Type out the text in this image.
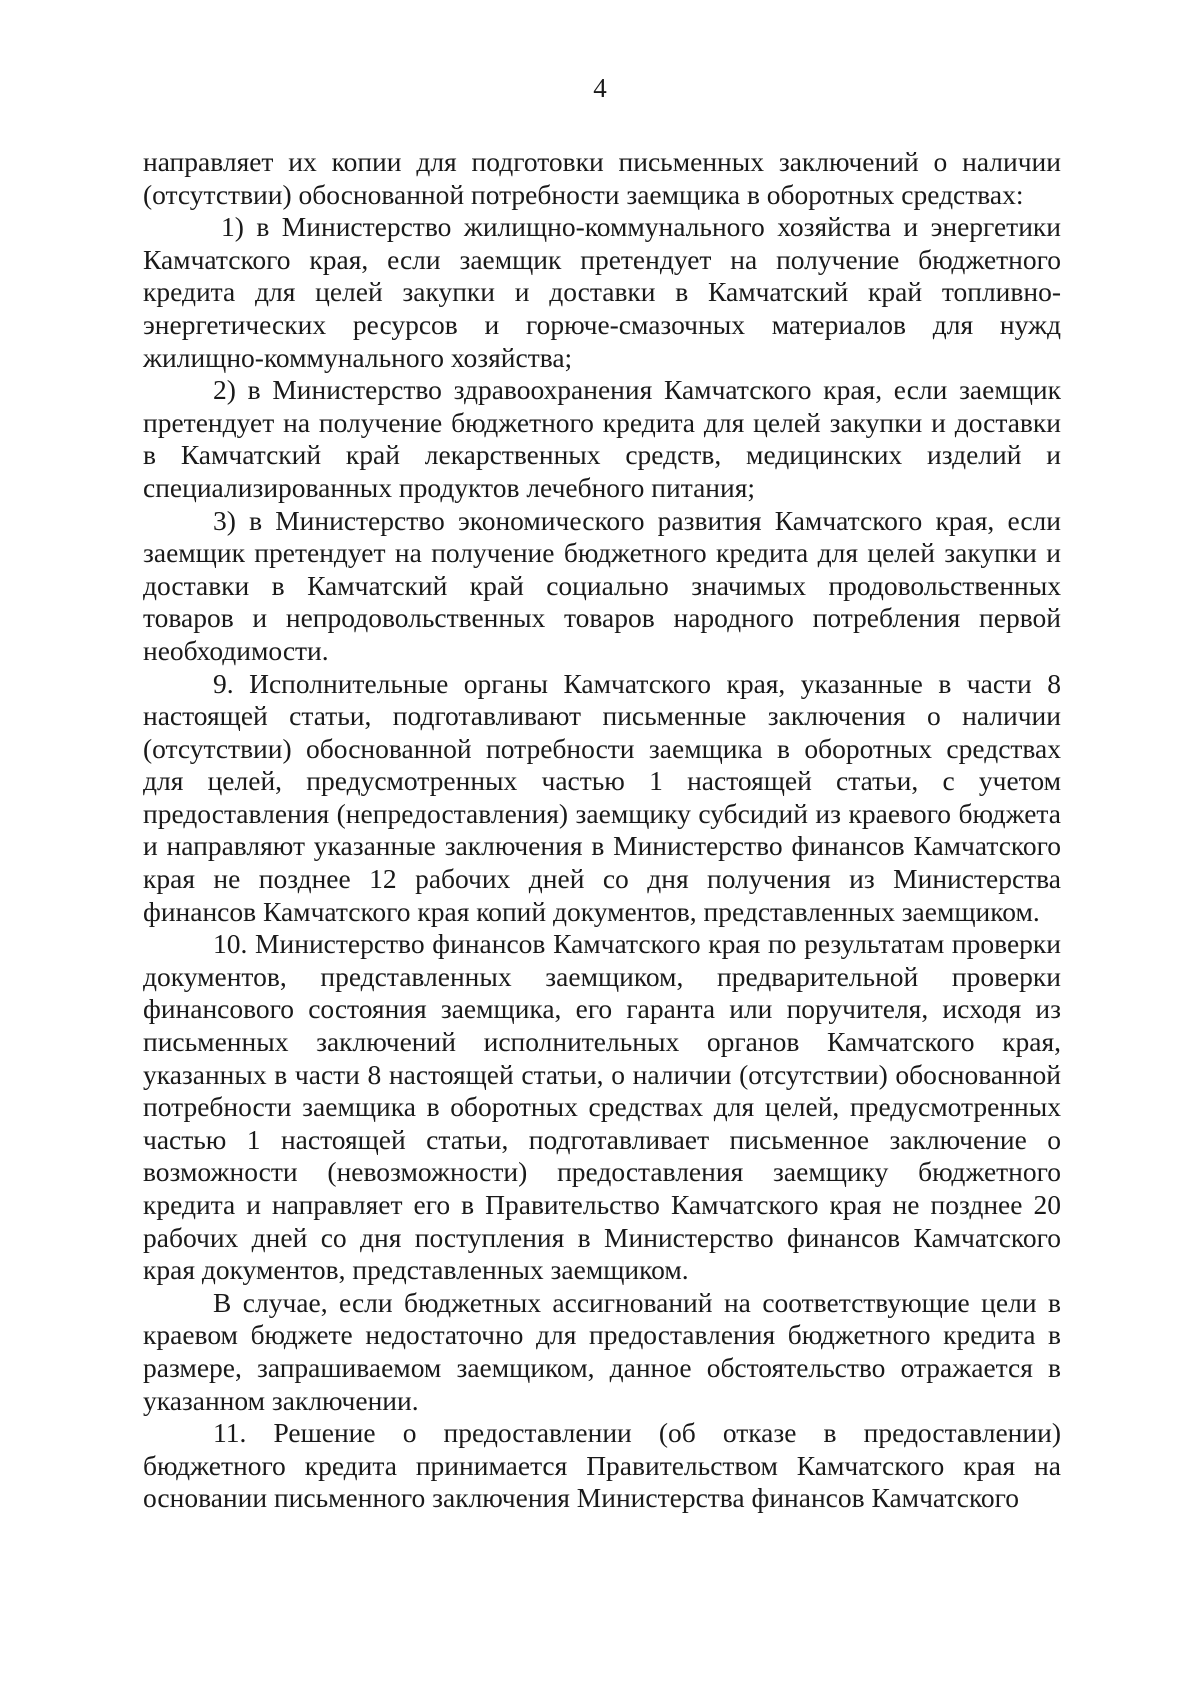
4

направляет их копии для подготовки письменных заключений о наличии (отсутствии) обоснованной потребности заемщика в оборотных средствах:

1) в Министерство жилищно-коммунального хозяйства и энергетики Камчатского края, если заемщик претендует на получение бюджетного кредита для целей закупки и доставки в Камчатский край топливно-энергетических ресурсов и горюче-смазочных материалов для нужд жилищно-коммунального хозяйства;

2) в Министерство здравоохранения Камчатского края, если заемщик претендует на получение бюджетного кредита для целей закупки и доставки в Камчатский край лекарственных средств, медицинских изделий и специализированных продуктов лечебного питания;

3) в Министерство экономического развития Камчатского края, если заемщик претендует на получение бюджетного кредита для целей закупки и доставки в Камчатский край социально значимых продовольственных товаров и непродовольственных товаров народного потребления первой необходимости.

9. Исполнительные органы Камчатского края, указанные в части 8 настоящей статьи, подготавливают письменные заключения о наличии (отсутствии) обоснованной потребности заемщика в оборотных средствах для целей, предусмотренных частью 1 настоящей статьи, с учетом предоставления (непредоставления) заемщику субсидий из краевого бюджета и направляют указанные заключения в Министерство финансов Камчатского края не позднее 12 рабочих дней со дня получения из Министерства финансов Камчатского края копий документов, представленных заемщиком.

10. Министерство финансов Камчатского края по результатам проверки документов, представленных заемщиком, предварительной проверки финансового состояния заемщика, его гаранта или поручителя, исходя из письменных заключений исполнительных органов Камчатского края, указанных в части 8 настоящей статьи, о наличии (отсутствии) обоснованной потребности заемщика в оборотных средствах для целей, предусмотренных частью 1 настоящей статьи, подготавливает письменное заключение о возможности (невозможности) предоставления заемщику бюджетного кредита и направляет его в Правительство Камчатского края не позднее 20 рабочих дней со дня поступления в Министерство финансов Камчатского края документов, представленных заемщиком.

В случае, если бюджетных ассигнований на соответствующие цели в краевом бюджете недостаточно для предоставления бюджетного кредита в размере, запрашиваемом заемщиком, данное обстоятельство отражается в указанном заключении.

11. Решение о предоставлении (об отказе в предоставлении) бюджетного кредита принимается Правительством Камчатского края на основании письменного заключения Министерства финансов Камчатского
